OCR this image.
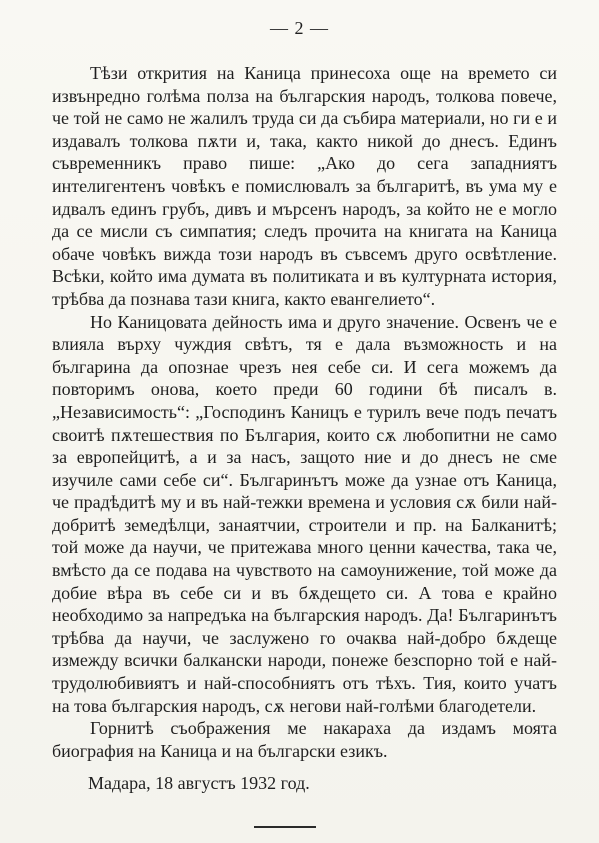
— 2 —

Тѣзи открития на Каница принесоха още на времето си извънредно голѣма полза на българския народъ, толкова повече, че той не само не жалилъ труда си да събира материали, но ги е и издавалъ толкова пѫти и, така, както никой до днесъ. Единъ съвременникъ право пише: „Ако до сега западниятъ интелигентенъ човѣкъ е помислювалъ за българитѣ, въ ума му е идвалъ единъ грубъ, дивъ и мърсенъ народъ, за който не е могло да се мисли съ симпатия; следъ прочита на книгата на Каница обаче човѣкъ вижда този народъ въ съвсемъ друго освѣтление. Всѣки, който има думата въ политиката и въ културната история, трѣбва да познава тази книга, както евангелието“.

Но Каницовата дейность има и друго значение. Освенъ че е влияла върху чуждия свѣтъ, тя е дала възможность и на българина да опознае чрезъ нея себе си. И сега можемъ да повторимъ онова, което преди 60 години бѣ писалъ в. „Независимость“: „Господинъ Каницъ е турилъ вече подъ печатъ своитѣ пѫтешествия по България, които сѫ любопитни не само за европейцитѣ, а и за насъ, защото ние и до днесъ не сме изучиле сами себе си“. Българинътъ може да узнае отъ Каница, че прадѣдитѣ му и въ най-тежки времена и условия сѫ били най-добритѣ земедѣлци, занаятчии, строители и пр. на Балканитѣ; той може да научи, че притежава много ценни качества, така че, вмѣсто да се подава на чувството на самоунижение, той може да добие вѣра въ себе си и въ бѫдещето си. А това е крайно необходимо за напредъка на българския народъ. Да! Българинътъ трѣбва да научи, че заслужено го очаква най-добро бѫдеще измежду всички балкански народи, понеже безспорно той е най-трудолюбивиятъ и най-способниятъ отъ тѣхъ. Тия, които учатъ на това българския народъ, сѫ негови най-голѣми благодетели.

Горнитѣ съображения ме накараха да издамъ моята биография на Каница и на български езикъ.

Мадара, 18 августъ 1932 год.
